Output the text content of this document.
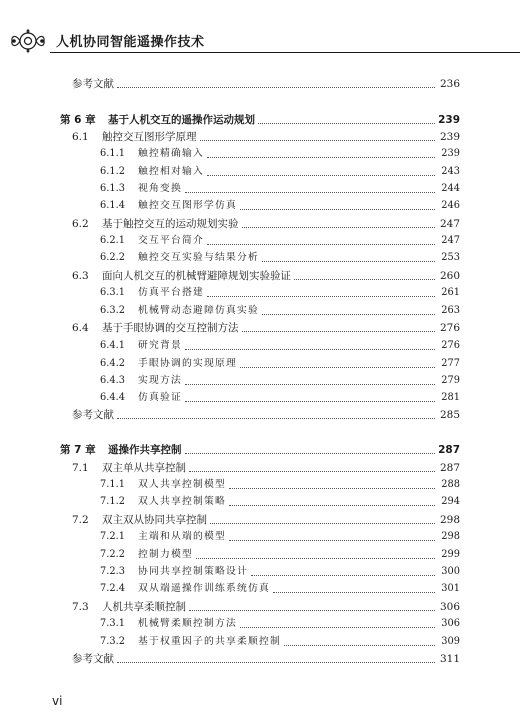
人机协同智能遥操作技术
参考文献	236
第 6 章	基于人机交互的遥操作运动规划	239
6.1	触控交互图形学原理	239
6.1.1	触控精确输入	239
6.1.2	触控相对输入	243
6.1.3	视角变换	244
6.1.4	触控交互图形学仿真	246
6.2	基于触控交互的运动规划实验	247
6.2.1	交互平台简介	247
6.2.2	触控交互实验与结果分析	253
6.3	面向人机交互的机械臂避障规划实验验证	260
6.3.1	仿真平台搭建	261
6.3.2	机械臂动态避障仿真实验	263
6.4	基于手眼协调的交互控制方法	276
6.4.1	研究背景	276
6.4.2	手眼协调的实现原理	277
6.4.3	实现方法	279
6.4.4	仿真验证	281
参考文献	285
第 7 章	遥操作共享控制	287
7.1	双主单从共享控制	287
7.1.1	双人共享控制模型	288
7.1.2	双人共享控制策略	294
7.2	双主双从协同共享控制	298
7.2.1	主端和从端的模型	298
7.2.2	控制力模型	299
7.2.3	协同共享控制策略设计	300
7.2.4	双从端遥操作训练系统仿真	301
7.3	人机共享柔顺控制	306
7.3.1	机械臂柔顺控制方法	306
7.3.2	基于权重因子的共享柔顺控制	309
参考文献	311
vi
